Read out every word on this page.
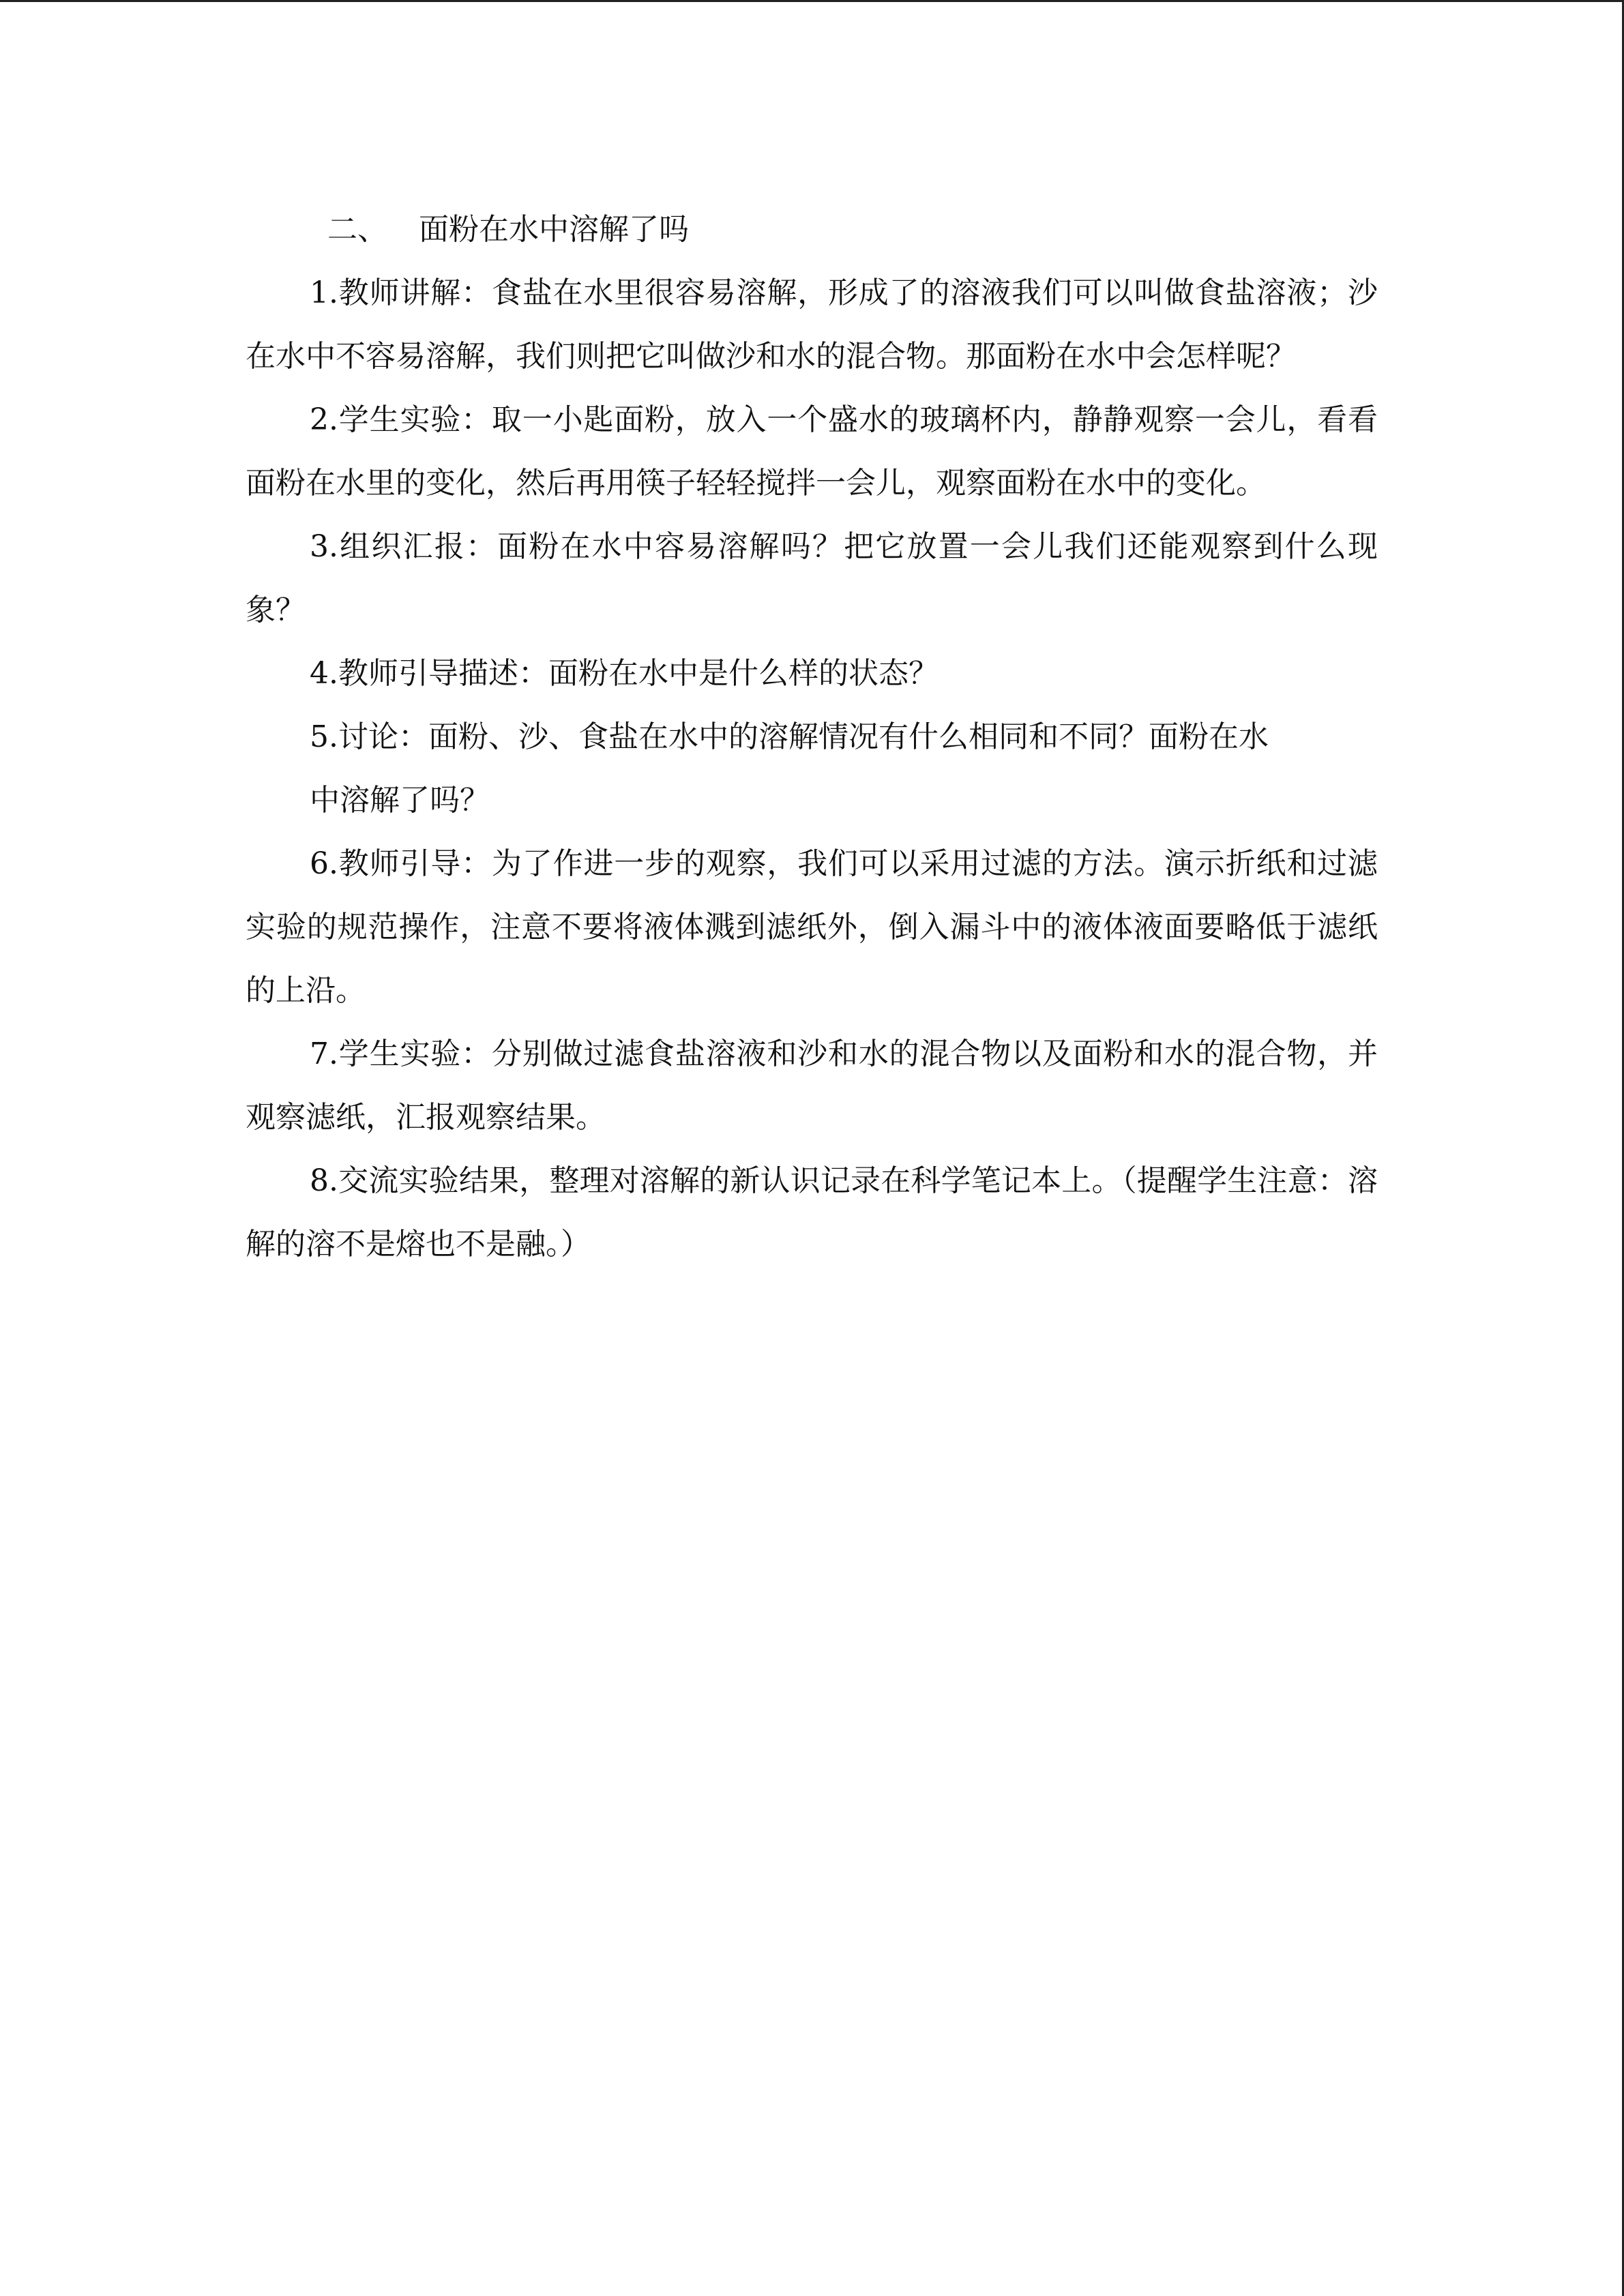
二、 面粉在水中溶解了吗

1.教师讲解：食盐在水里很容易溶解，形成了的溶液我们可以叫做食盐溶液；沙在水中不容易溶解，我们则把它叫做沙和水的混合物。那面粉在水中会怎样呢？

2.学生实验：取一小匙面粉，放入一个盛水的玻璃杯内，静静观察一会儿，看看面粉在水里的变化，然后再用筷子轻轻搅拌一会儿，观察面粉在水中的变化。

3.组织汇报：面粉在水中容易溶解吗？把它放置一会儿我们还能观察到什么现象？

4.教师引导描述：面粉在水中是什么样的状态？

5.讨论：面粉、沙、食盐在水中的溶解情况有什么相同和不同？面粉在水

中溶解了吗？

6.教师引导：为了作进一步的观察，我们可以采用过滤的方法。演示折纸和过滤实验的规范操作，注意不要将液体溅到滤纸外，倒入漏斗中的液体液面要略低于滤纸的上沿。

7.学生实验：分别做过滤食盐溶液和沙和水的混合物以及面粉和水的混合物，并观察滤纸，汇报观察结果。

8.交流实验结果，整理对溶解的新认识记录在科学笔记本上。（提醒学生注意：溶解的溶不是熔也不是融。）
